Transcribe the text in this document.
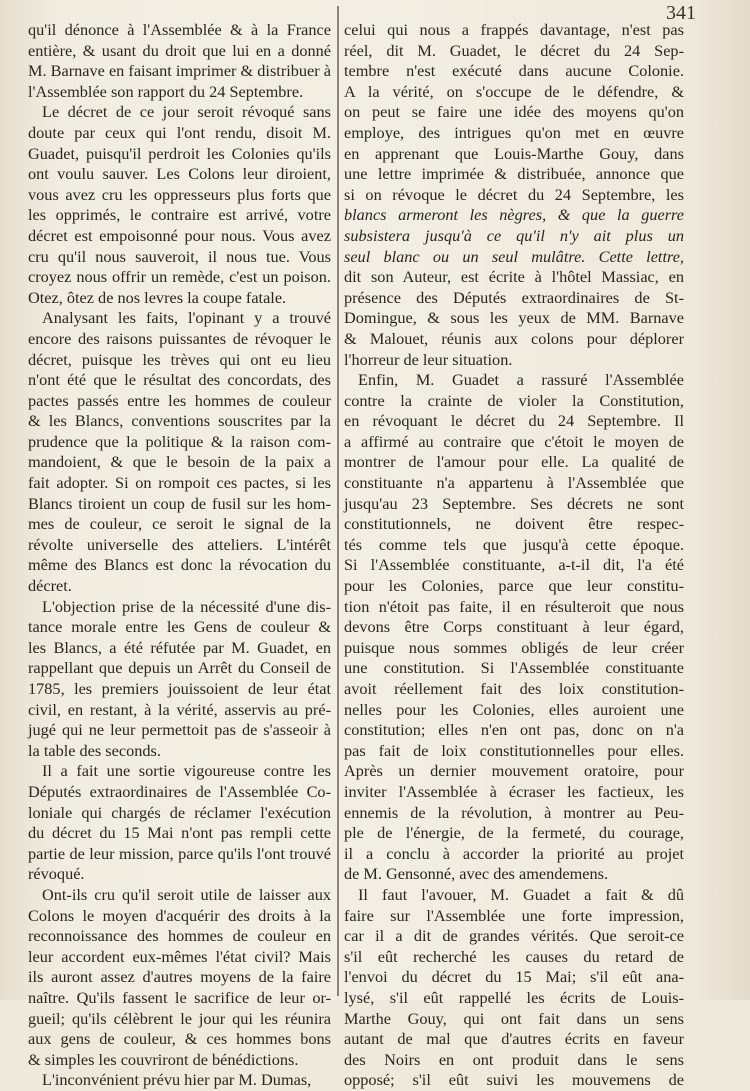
341
qu'il dénonce à l'Assemblée & à la France
entière, & usant du droit que lui en a donné
M. Barnave en faisant imprimer & distribuer à
l'Assemblée son rapport du 24 Septembre.
Le décret de ce jour seroit révoqué sans
doute par ceux qui l'ont rendu, disoit M.
Guadet, puisqu'il perdroit les Colonies qu'ils
ont voulu sauver. Les Colons leur diroient,
vous avez cru les oppresseurs plus forts que
les opprimés, le contraire est arrivé, votre
décret est empoisonné pour nous. Vous avez
cru qu'il nous sauveroit, il nous tue. Vous
croyez nous offrir un remède, c'est un poison.
Otez, ôtez de nos levres la coupe fatale.
Analysant les faits, l'opinant y a trouvé
encore des raisons puissantes de révoquer le
décret, puisque les trèves qui ont eu lieu
n'ont été que le résultat des concordats, des
pactes passés entre les hommes de couleur
& les Blancs, conventions souscrites par la
prudence que la politique & la raison com-
mandoient, & que le besoin de la paix a
fait adopter. Si on rompoit ces pactes, si les
Blancs tiroient un coup de fusil sur les hom-
mes de couleur, ce seroit le signal de la
révolte universelle des atteliers. L'intérêt
même des Blancs est donc la révocation du
décret.
L'objection prise de la nécessité d'une dis-
tance morale entre les Gens de couleur &
les Blancs, a été réfutée par M. Guadet, en
rappellant que depuis un Arrêt du Conseil de
1785, les premiers jouissoient de leur état
civil, en restant, à la vérité, asservis au pré-
jugé qui ne leur permettoit pas de s'asseoir à
la table des seconds.
Il a fait une sortie vigoureuse contre les
Députés extraordinaires de l'Assemblée Co-
loniale qui chargés de réclamer l'exécution
du décret du 15 Mai n'ont pas rempli cette
partie de leur mission, parce qu'ils l'ont trouvé
révoqué.
Ont-ils cru qu'il seroit utile de laisser aux
Colons le moyen d'acquérir des droits à la
reconnoissance des hommes de couleur en
leur accordent eux-mêmes l'état civil? Mais
ils auront assez d'autres moyens de la faire
naître. Qu'ils fassent le sacrifice de leur or-
gueil; qu'ils célèbrent le jour qui les réunira
aux gens de couleur, & ces hommes bons
& simples les couvriront de bénédictions.
L'inconvénient prévu hier par M. Dumas,
celui qui nous a frappés davantage, n'est pas
réel, dit M. Guadet, le décret du 24 Sep-
tembre n'est exécuté dans aucune Colonie.
A la vérité, on s'occupe de le défendre, &
on peut se faire une idée des moyens qu'on
employe, des intrigues qu'on met en œuvre
en apprenant que Louis-Marthe Gouy, dans
une lettre imprimée & distribuée, annonce que
si on révoque le décret du 24 Septembre, les
blancs armeront les nègres, & que la guerre
subsistera jusqu'à ce qu'il n'y ait plus un
seul blanc ou un seul mulâtre. Cette lettre,
dit son Auteur, est écrite à l'hôtel Massiac, en
présence des Députés extraordinaires de St-
Domingue, & sous les yeux de MM. Barnave
& Malouet, réunis aux colons pour déplorer
l'horreur de leur situation.
Enfin, M. Guadet a rassuré l'Assemblée
contre la crainte de violer la Constitution,
en révoquant le décret du 24 Septembre. Il
a affirmé au contraire que c'étoit le moyen de
montrer de l'amour pour elle. La qualité de
constituante n'a appartenu à l'Assemblée que
jusqu'au 23 Septembre. Ses décrets ne sont
constitutionnels, ne doivent être respec-
tés comme tels que jusqu'à cette époque.
Si l'Assemblée constituante, a-t-il dit, l'a été
pour les Colonies, parce que leur constitu-
tion n'étoit pas faite, il en résulteroit que nous
devons être Corps constituant à leur égard,
puisque nous sommes obligés de leur créer
une constitution. Si l'Assemblée constituante
avoit réellement fait des loix constitution-
nelles pour les Colonies, elles auroient une
constitution; elles n'en ont pas, donc on n'a
pas fait de loix constitutionnelles pour elles.
Après un dernier mouvement oratoire, pour
inviter l'Assemblée à écraser les factieux, les
ennemis de la révolution, à montrer au Peu-
ple de l'énergie, de la fermeté, du courage,
il a conclu à accorder la priorité au projet
de M. Gensonné, avec des amendemens.
Il faut l'avouer, M. Guadet a fait & dû
faire sur l'Assemblée une forte impression,
car il a dit de grandes vérités. Que seroit-ce
s'il eût recherché les causes du retard de
l'envoi du décret du 15 Mai; s'il eût ana-
lysé, s'il eût rappellé les écrits de Louis-
Marthe Gouy, qui ont fait dans un sens
autant de mal que d'autres écrits en faveur
des Noirs en ont produit dans le sens
opposé; s'il eût suivi les mouvemens de
